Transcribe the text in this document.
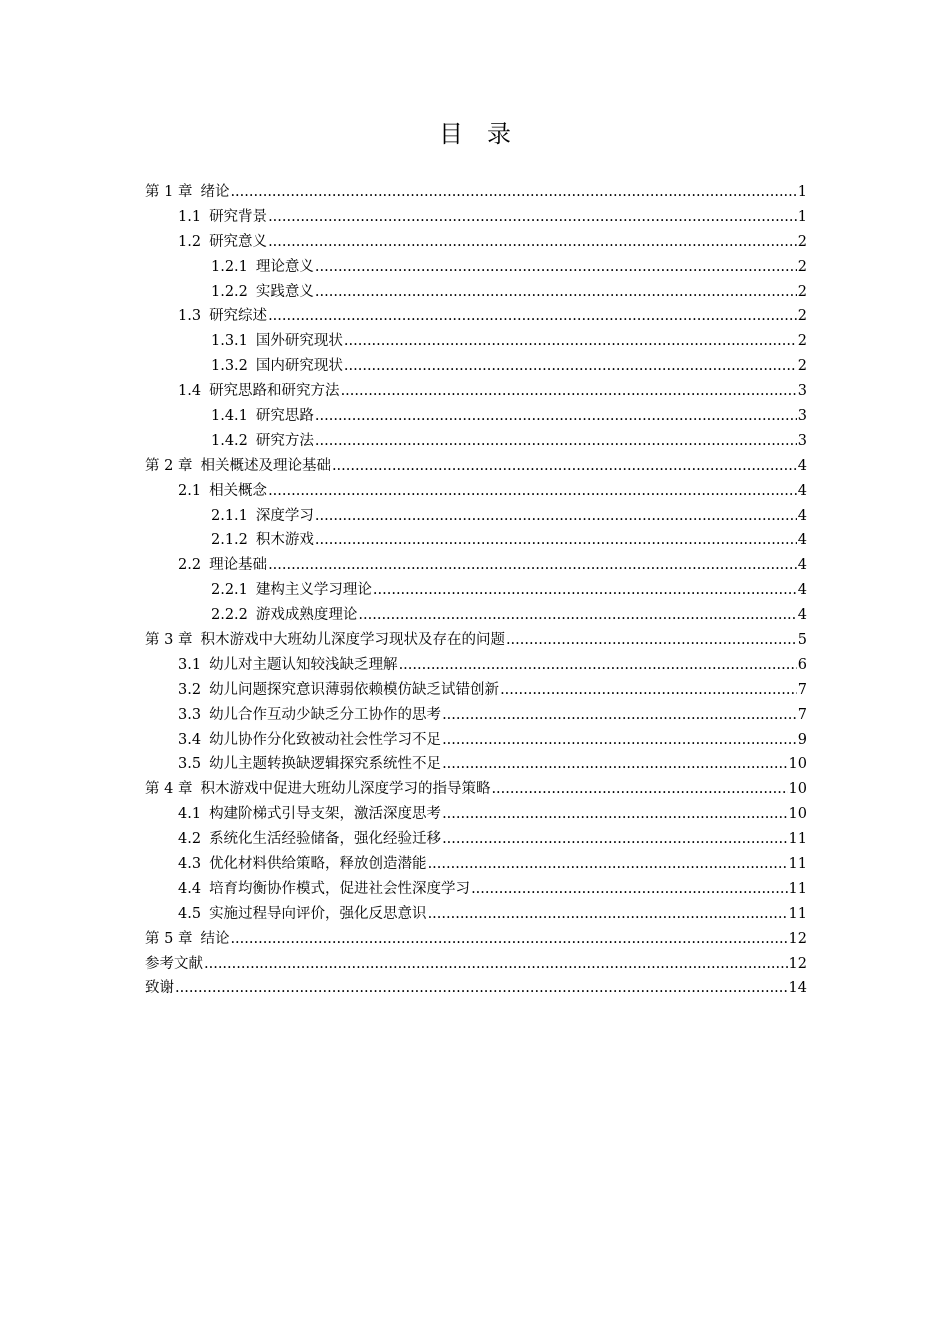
目　录
第 1 章 绪论 .....	1
1.1 研究背景 .....	1
1.2 研究意义 .....	2
1.2.1 理论意义 .....	2
1.2.2 实践意义 .....	2
1.3 研究综述 .....	2
1.3.1 国外研究现状 .....	2
1.3.2 国内研究现状 .....	2
1.4 研究思路和研究方法 .....	3
1.4.1 研究思路 .....	3
1.4.2 研究方法 .....	3
第 2 章 相关概述及理论基础 .....	4
2.1 相关概念 .....	4
2.1.1 深度学习 .....	4
2.1.2 积木游戏 .....	4
2.2 理论基础 .....	4
2.2.1 建构主义学习理论 .....	4
2.2.2 游戏成熟度理论 .....	4
第 3 章 积木游戏中大班幼儿深度学习现状及存在的问题 .....	5
3.1 幼儿对主题认知较浅缺乏理解 .....	6
3.2 幼儿问题探究意识薄弱依赖模仿缺乏试错创新 .....	7
3.3 幼儿合作互动少缺乏分工协作的思考 .....	7
3.4 幼儿协作分化致被动社会性学习不足 .....	9
3.5 幼儿主题转换缺逻辑探究系统性不足 .....	10
第 4 章 积木游戏中促进大班幼儿深度学习的指导策略 .....	10
4.1 构建阶梯式引导支架，激活深度思考 .....	10
4.2 系统化生活经验储备，强化经验迁移 .....	11
4.3 优化材料供给策略，释放创造潜能 .....	11
4.4 培育均衡协作模式，促进社会性深度学习 .....	11
4.5 实施过程导向评价，强化反思意识 .....	11
第 5 章 结论 .....	12
参考文献 .....	12
致谢 .....	14
